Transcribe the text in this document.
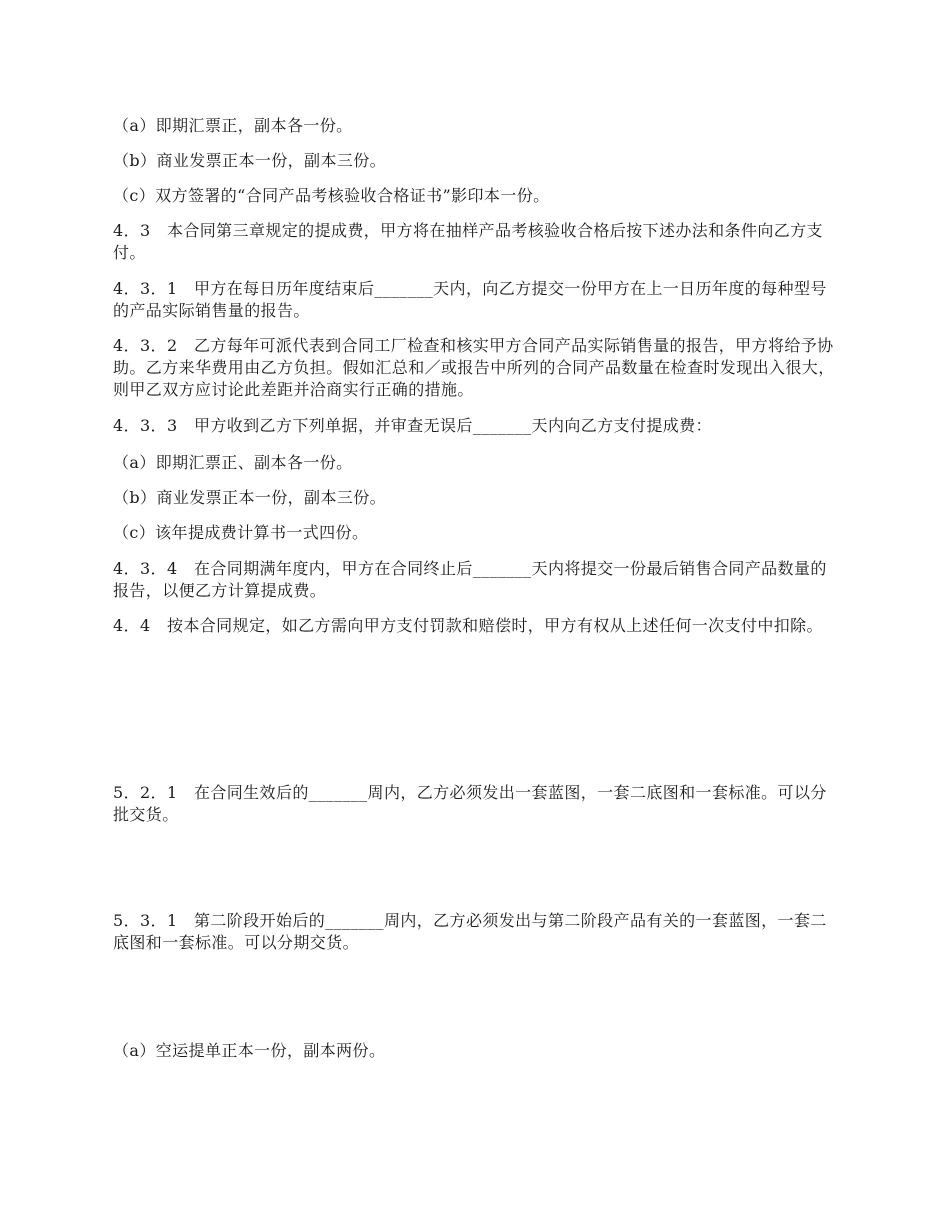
（a）即期汇票正，副本各一份。

（b）商业发票正本一份，副本三份。

（c）双方签署的“合同产品考核验收合格证书”影印本一份。

4．3　本合同第三章规定的提成费，甲方将在抽样产品考核验收合格后按下述办法和条件向乙方支付。

4．3．1　甲方在每日历年度结束后_______天内，向乙方提交一份甲方在上一日历年度的每种型号的产品实际销售量的报告。

4．3．2　乙方每年可派代表到合同工厂检查和核实甲方合同产品实际销售量的报告，甲方将给予协助。乙方来华费用由乙方负担。假如汇总和／或报告中所列的合同产品数量在检查时发现出入很大，则甲乙双方应讨论此差距并洽商实行正确的措施。

4．3．3　甲方收到乙方下列单据，并审查无误后_______天内向乙方支付提成费：

（a）即期汇票正、副本各一份。

（b）商业发票正本一份，副本三份。

（c）该年提成费计算书一式四份。

4．3．4　在合同期满年度内，甲方在合同终止后_______天内将提交一份最后销售合同产品数量的报告，以便乙方计算提成费。

4．4　按本合同规定，如乙方需向甲方支付罚款和赔偿时，甲方有权从上述任何一次支付中扣除。

5．2．1　在合同生效后的_______周内，乙方必须发出一套蓝图，一套二底图和一套标准。可以分批交货。

5．3．1　第二阶段开始后的_______周内，乙方必须发出与第二阶段产品有关的一套蓝图，一套二底图和一套标准。可以分期交货。

（a）空运提单正本一份，副本两份。
